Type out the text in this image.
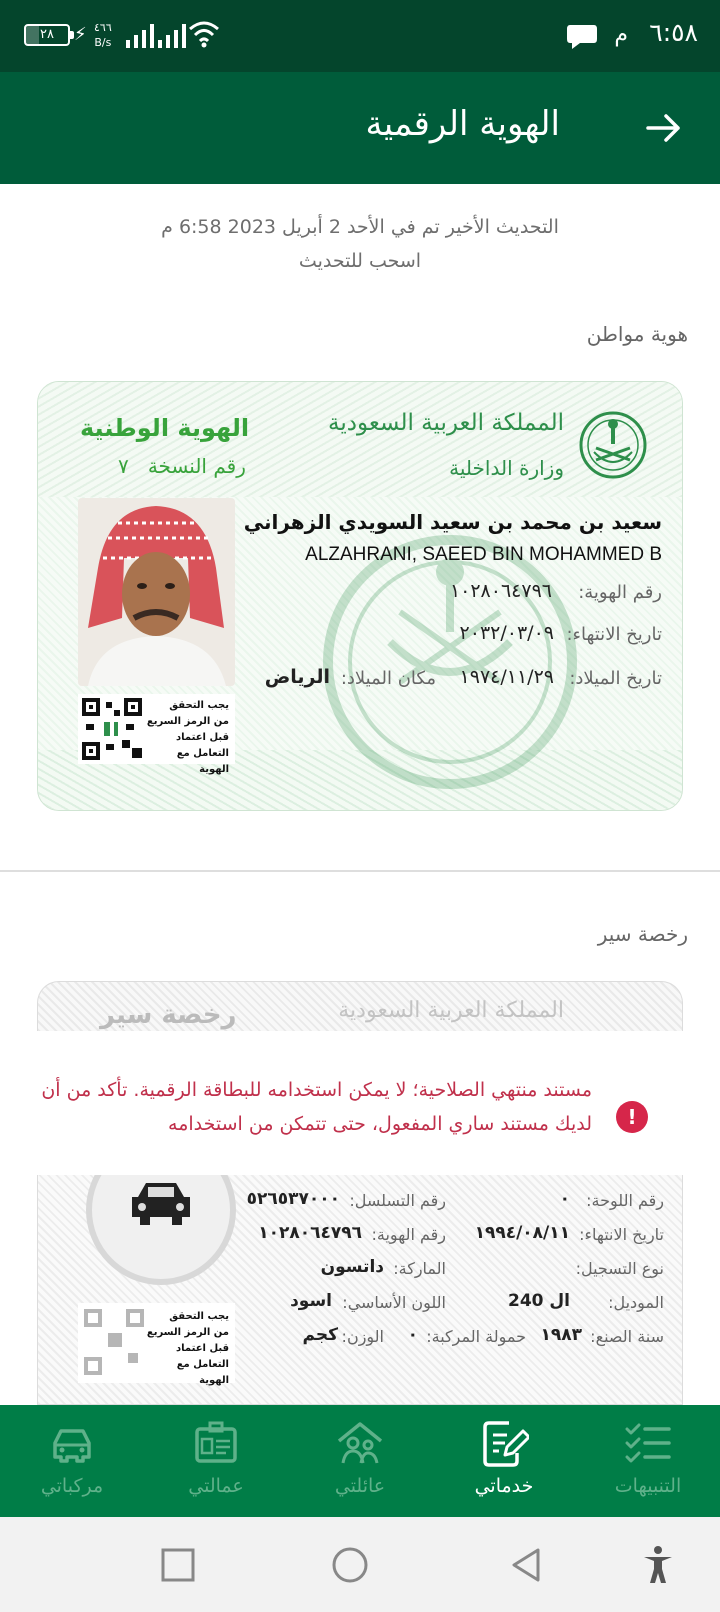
٢٨	⚡ ٤٦٦
B/s	م ٦:٥٨
الهوية الرقمية
التحديث الأخير تم في الأحد 2 أبريل 2023 6:58 م
اسحب للتحديث
هوية مواطن
المملكة العربية السعودية
وزارة الداخلية
الهوية الوطنية
رقم النسخة   ٧
سعيد بن محمد بن سعيد السويدي الزهراني
ALZAHRANI, SAEED BIN MOHAMMED B
رقم الهوية:
١٠٢٨٠٦٤٧٩٦
تاريخ الانتهاء:
٢٠٣٢/٠٣/٠٩
تاريخ الميلاد:
١٩٧٤/١١/٢٩
مكان الميلاد:
الرياض
يجب التحقق
من الرمز السريع
قبل اعتماد
التعامل مع الهوية
رخصة سير
رخصة سير	المملكة العربية السعودية
مستند منتهي الصلاحية؛ لا يمكن استخدامه للبطاقة الرقمية. تأكد من أن لديك مستند ساري المفعول، حتى تتمكن من استخدامه	!
رقم اللوحة:
٠
رقم التسلسل:
٥٢٦٥٣٧٠٠٠
تاريخ الانتهاء:
١٩٩٤/٠٨/١١
رقم الهوية:
١٠٢٨٠٦٤٧٩٦
نوع التسجيل:
الماركة:
داتسون
الموديل:
ال 240
اللون الأساسي:
اسود
سنة الصنع:
١٩٨٣
حمولة المركبة:
٠
الوزن:
كجم
يجب التحقق
من الرمز السريع
قبل اعتماد
التعامل مع الهوية
مركباتي	عمالتي	عائلتي	خدماتي	التنبيهات
